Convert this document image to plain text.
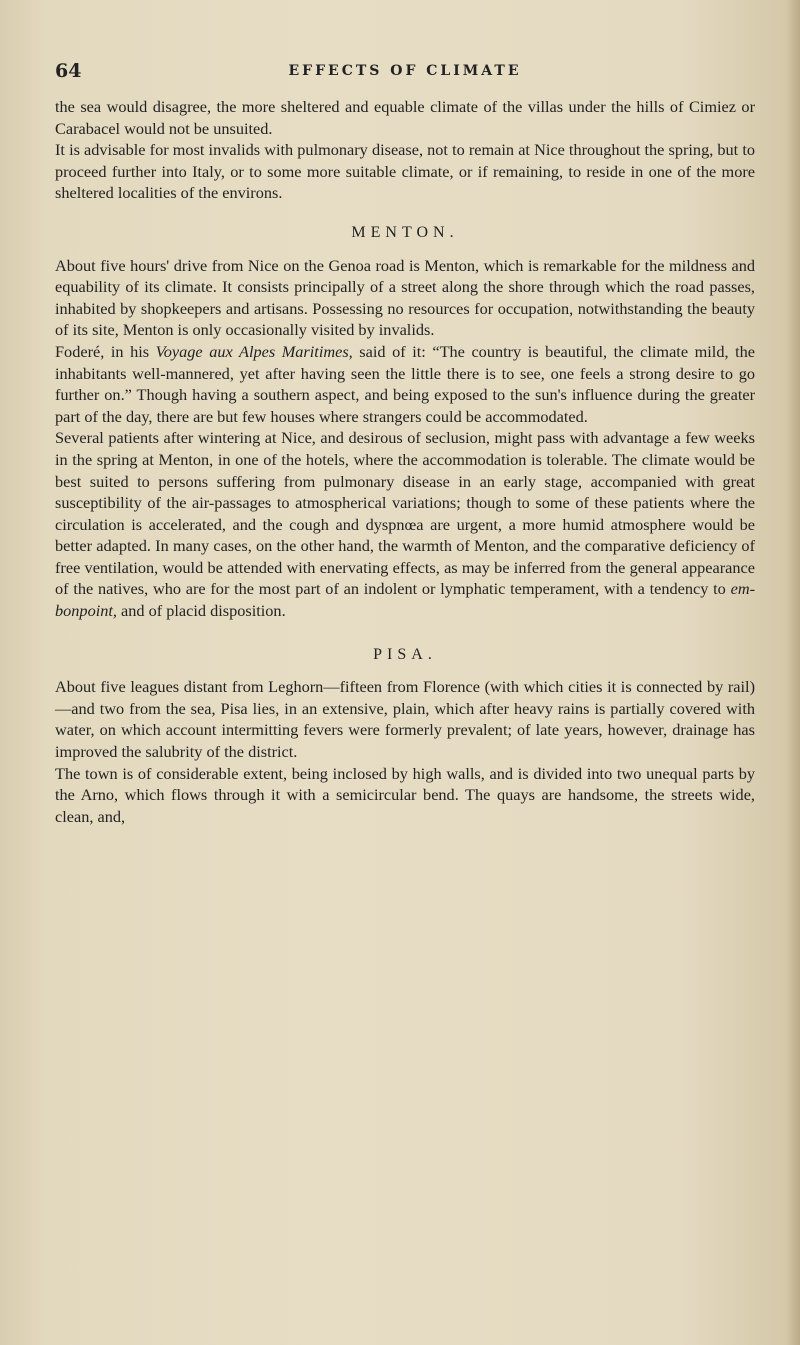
64	EFFECTS OF CLIMATE

the sea would disagree, the more sheltered and equable climate of the villas under the hills of Cimiez or Carabacel would not be unsuited.

It is advisable for most invalids with pulmonary disease, not to remain at Nice throughout the spring, but to proceed further into Italy, or to some more suitable climate, or if remaining, to reside in one of the more sheltered localities of the environs.

MENTON.

About five hours' drive from Nice on the Genoa road is Menton, which is remarkable for the mildness and equability of its climate. It consists principally of a street along the shore through which the road passes, inhabited by shopkeepers and artisans. Possessing no resources for occupation, notwithstanding the beauty of its site, Menton is only occasionally visited by invalids.

Foderé, in his Voyage aux Alpes Maritimes, said of it: “The country is beautiful, the climate mild, the inhabitants well-mannered, yet after having seen the little there is to see, one feels a strong desire to go further on.” Though having a southern aspect, and being exposed to the sun's influence during the greater part of the day, there are but few houses where strangers could be accommodated.

Several patients after wintering at Nice, and desirous of seclusion, might pass with advantage a few weeks in the spring at Menton, in one of the hotels, where the accommodation is tolerable. The climate would be best suited to persons suffering from pulmonary disease in an early stage, accompanied with great susceptibility of the air-passages to atmospherical variations; though to some of these patients where the circulation is accelerated, and the cough and dyspnœa are urgent, a more humid atmosphere would be better adapted. In many cases, on the other hand, the warmth of Menton, and the comparative deficiency of free ventilation, would be attended with enervating effects, as may be inferred from the general appearance of the natives, who are for the most part of an indolent or lymphatic temperament, with a tendency to em-bonpoint, and of placid disposition.

PISA.

About five leagues distant from Leghorn—fifteen from Florence (with which cities it is connected by rail)—and two from the sea, Pisa lies, in an extensive, plain, which after heavy rains is partially covered with water, on which account intermitting fevers were formerly prevalent; of late years, however, drainage has improved the salubrity of the district.

The town is of considerable extent, being inclosed by high walls, and is divided into two unequal parts by the Arno, which flows through it with a semicircular bend. The quays are handsome, the streets wide, clean, and,
